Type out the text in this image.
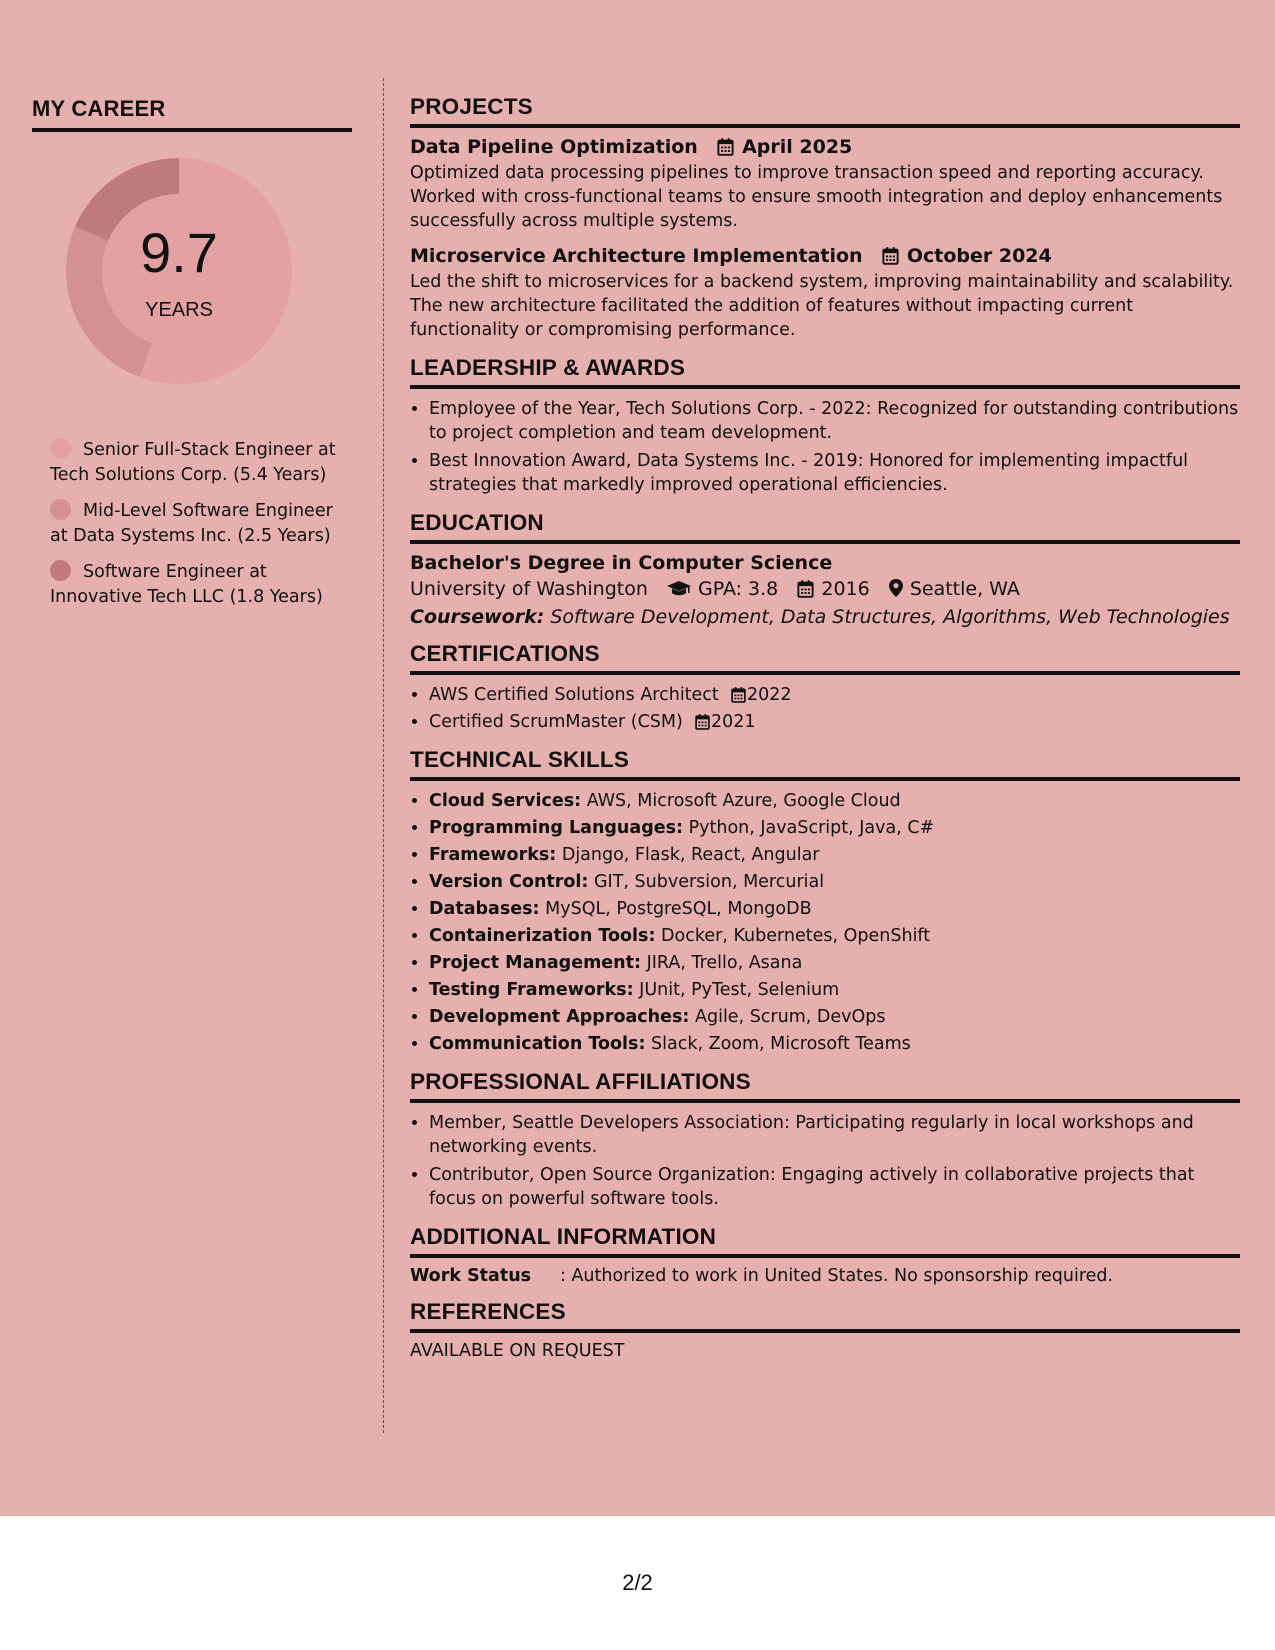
MY CAREER
9.7
YEARS
Senior Full-Stack Engineer at Tech Solutions Corp. (5.4 Years)
Mid-Level Software Engineer at Data Systems Inc. (2.5 Years)
Software Engineer at Innovative Tech LLC (1.8 Years)
PROJECTS
Data Pipeline Optimization April 2025
Optimized data processing pipelines to improve transaction speed and reporting accuracy. Worked with cross-functional teams to ensure smooth integration and deploy enhancements successfully across multiple systems.
Microservice Architecture Implementation October 2024
Led the shift to microservices for a backend system, improving maintainability and scalability. The new architecture facilitated the addition of features without impacting current functionality or compromising performance.
LEADERSHIP & AWARDS
• Employee of the Year, Tech Solutions Corp. - 2022: Recognized for outstanding contributions to project completion and team development.
• Best Innovation Award, Data Systems Inc. - 2019: Honored for implementing impactful strategies that markedly improved operational efficiencies.
EDUCATION
Bachelor's Degree in Computer Science
University of Washington	GPA: 3.8 2016 Seattle, WA
Coursework: Software Development, Data Structures, Algorithms, Web Technologies
CERTIFICATIONS
• AWS Certified Solutions Architect 2022
• Certified ScrumMaster (CSM) 2021
TECHNICAL SKILLS
• Cloud Services: AWS, Microsoft Azure, Google Cloud
• Programming Languages: Python, JavaScript, Java, C#
• Frameworks: Django, Flask, React, Angular
• Version Control: GIT, Subversion, Mercurial
• Databases: MySQL, PostgreSQL, MongoDB
• Containerization Tools: Docker, Kubernetes, OpenShift
• Project Management: JIRA, Trello, Asana
• Testing Frameworks: JUnit, PyTest, Selenium
• Development Approaches: Agile, Scrum, DevOps
• Communication Tools: Slack, Zoom, Microsoft Teams
PROFESSIONAL AFFILIATIONS
• Member, Seattle Developers Association: Participating regularly in local workshops and networking events.
• Contributor, Open Source Organization: Engaging actively in collaborative projects that focus on powerful software tools.
ADDITIONAL INFORMATION
Work Status	: Authorized to work in United States. No sponsorship required.
REFERENCES
AVAILABLE ON REQUEST
2/2
